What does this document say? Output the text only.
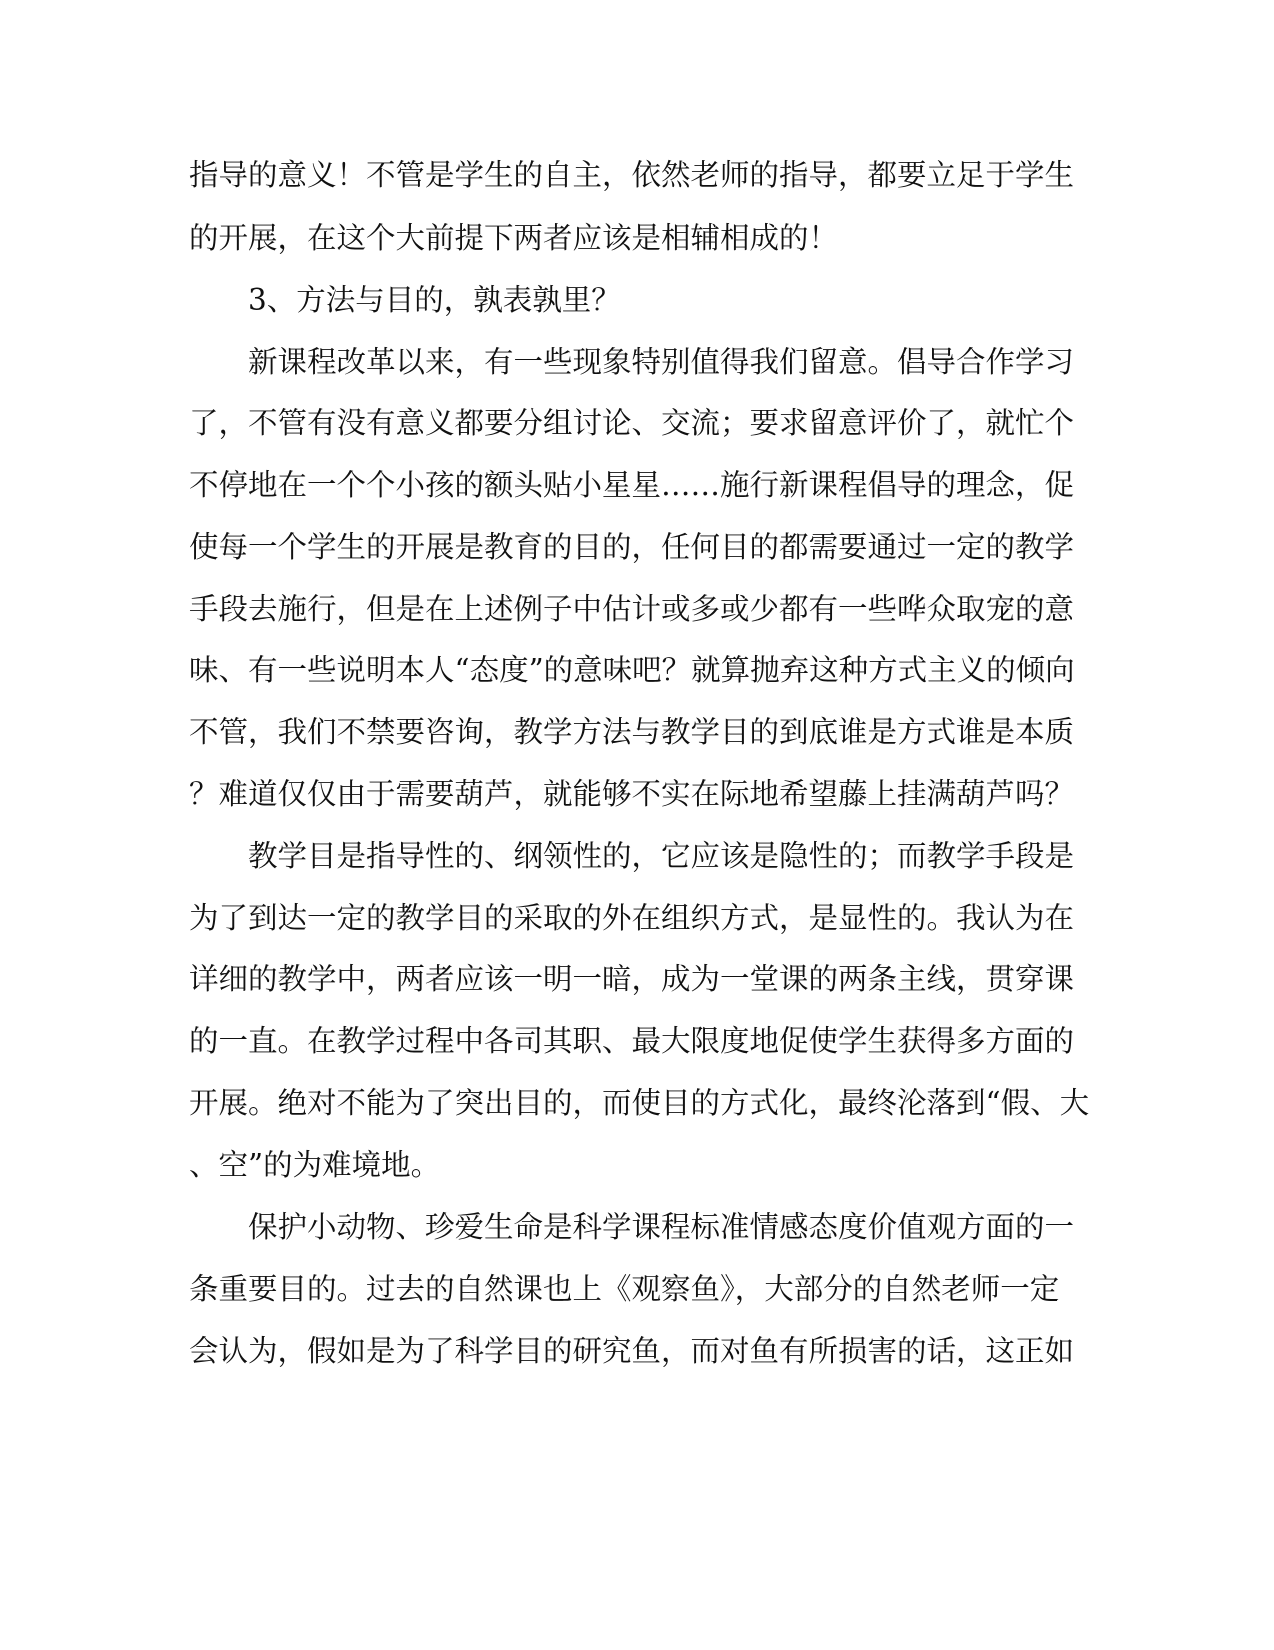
指导的意义！不管是学生的自主，依然老师的指导，都要立足于学生
的开展，在这个大前提下两者应该是相辅相成的！
3、方法与目的，孰表孰里？
新课程改革以来，有一些现象特别值得我们留意。倡导合作学习
了，不管有没有意义都要分组讨论、交流；要求留意评价了，就忙个
不停地在一个个小孩的额头贴小星星……施行新课程倡导的理念，促
使每一个学生的开展是教育的目的，任何目的都需要通过一定的教学
手段去施行，但是在上述例子中估计或多或少都有一些哗众取宠的意
味、有一些说明本人“态度”的意味吧？就算抛弃这种方式主义的倾向
不管，我们不禁要咨询，教学方法与教学目的到底谁是方式谁是本质
？难道仅仅由于需要葫芦，就能够不实在际地希望藤上挂满葫芦吗？
教学目是指导性的、纲领性的，它应该是隐性的；而教学手段是
为了到达一定的教学目的采取的外在组织方式，是显性的。我认为在
详细的教学中，两者应该一明一暗，成为一堂课的两条主线，贯穿课
的一直。在教学过程中各司其职、最大限度地促使学生获得多方面的
开展。绝对不能为了突出目的，而使目的方式化，最终沦落到“假、大
、空”的为难境地。
保护小动物、珍爱生命是科学课程标准情感态度价值观方面的一
条重要目的。过去的自然课也上《观察鱼》，大部分的自然老师一定
会认为，假如是为了科学目的研究鱼，而对鱼有所损害的话，这正如
